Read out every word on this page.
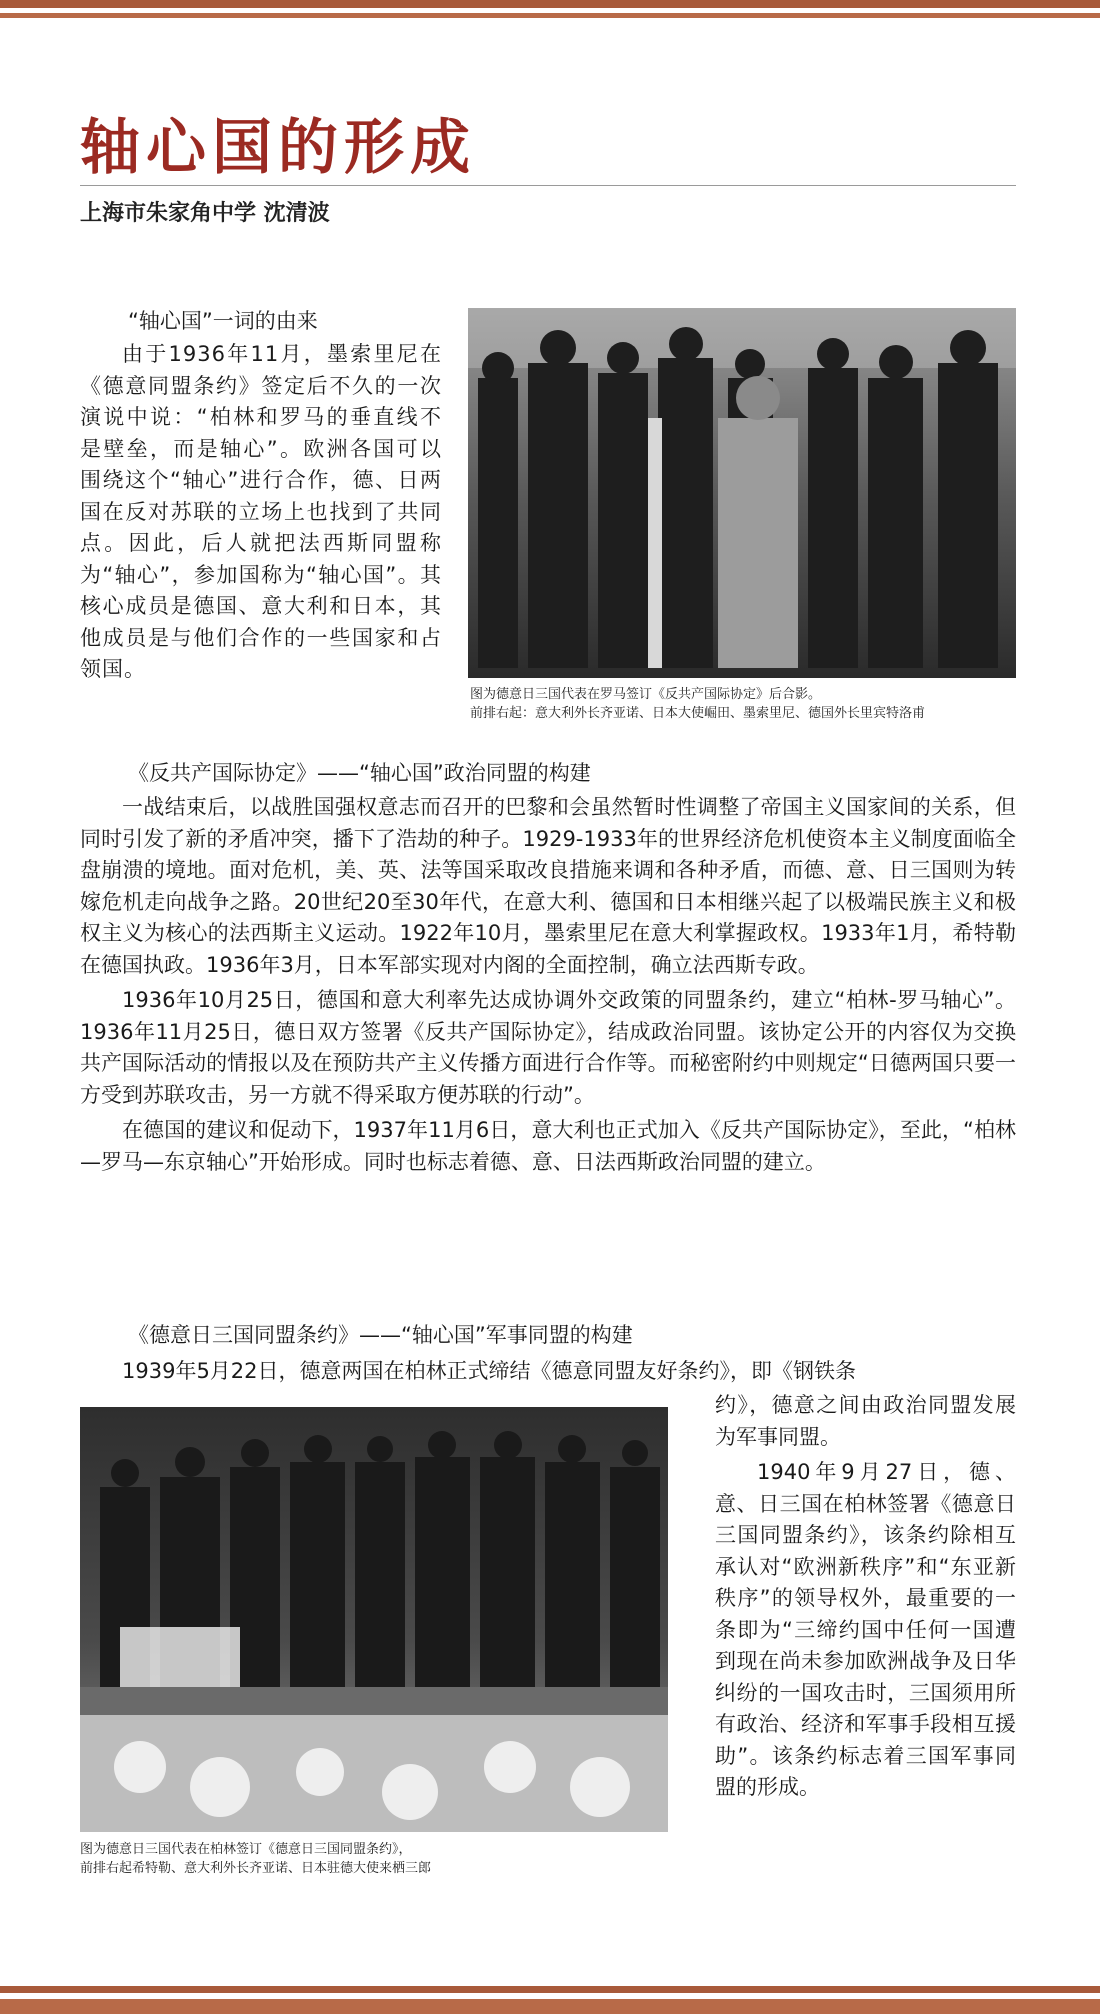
轴心国的形成
上海市朱家角中学 沈清波
“轴心国”一词的由来

由于1936年11月，墨索里尼在《德意同盟条约》签定后不久的一次演说中说：“柏林和罗马的垂直线不是壁垒，而是轴心”。欧洲各国可以围绕这个“轴心”进行合作，德、日两国在反对苏联的立场上也找到了共同点。因此，后人就把法西斯同盟称为“轴心”，参加国称为“轴心国”。其核心成员是德国、意大利和日本，其他成员是与他们合作的一些国家和占领国。

图为德意日三国代表在罗马签订《反共产国际协定》后合影。
前排右起：意大利外长齐亚诺、日本大使崛田、墨索里尼、德国外长里宾特洛甫
《反共产国际协定》——“轴心国”政治同盟的构建

一战结束后，以战胜国强权意志而召开的巴黎和会虽然暂时性调整了帝国主义国家间的关系，但同时引发了新的矛盾冲突，播下了浩劫的种子。1929-1933年的世界经济危机使资本主义制度面临全盘崩溃的境地。面对危机，美、英、法等国采取改良措施来调和各种矛盾，而德、意、日三国则为转嫁危机走向战争之路。20世纪20至30年代，在意大利、德国和日本相继兴起了以极端民族主义和极权主义为核心的法西斯主义运动。1922年10月，墨索里尼在意大利掌握政权。1933年1月，希特勒在德国执政。1936年3月，日本军部实现对内阁的全面控制，确立法西斯专政。

1936年10月25日，德国和意大利率先达成协调外交政策的同盟条约，建立“柏林-罗马轴心”。1936年11月25日，德日双方签署《反共产国际协定》，结成政治同盟。该协定公开的内容仅为交换共产国际活动的情报以及在预防共产主义传播方面进行合作等。而秘密附约中则规定“日德两国只要一方受到苏联攻击，另一方就不得采取方便苏联的行动”。

在德国的建议和促动下，1937年11月6日，意大利也正式加入《反共产国际协定》，至此，“柏林—罗马—东京轴心”开始形成。同时也标志着德、意、日法西斯政治同盟的建立。

《德意日三国同盟条约》——“轴心国”军事同盟的构建
1939年5月22日，德意两国在柏林正式缔结《德意同盟友好条约》，即《钢铁条
图为德意日三国代表在柏林签订《德意日三国同盟条约》，
前排右起希特勒、意大利外长齐亚诺、日本驻德大使来栖三郎
约》，德意之间由政治同盟发展为军事同盟。

1940年9月27日，德、意、日三国在柏林签署《德意日三国同盟条约》，该条约除相互承认对“欧洲新秩序”和“东亚新秩序”的领导权外，最重要的一条即为“三缔约国中任何一国遭到现在尚未参加欧洲战争及日华纠纷的一国攻击时，三国须用所有政治、经济和军事手段相互援助”。该条约标志着三国军事同盟的形成。
